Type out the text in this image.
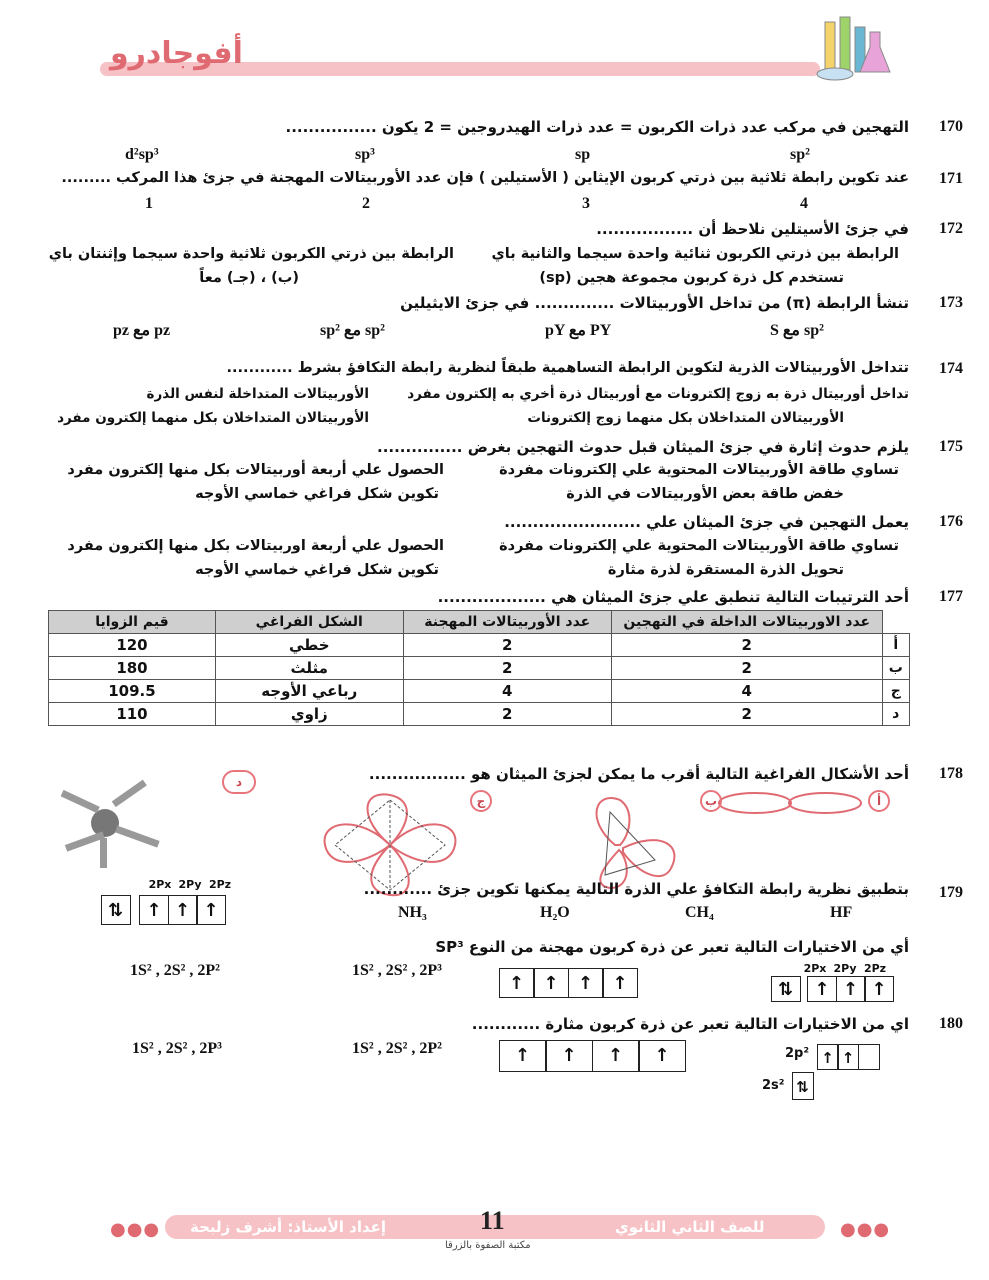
أفوجادرو
170
التهجين في مركب عدد ذرات الكربون = عدد ذرات الهيدروجين = 2 يكون ................
sp²
sp
sp³
d²sp³
171
عند تكوين رابطة ثلاثية بين ذرتي كربون الإيثاين ( الأستيلين ) فإن عدد الأوربيتالات المهجنة في جزئ هذا المركب .........
4
3
2
1
172
في جزئ الأسيتلين نلاحظ أن .................
الرابطة بين ذرتي الكربون ثنائية واحدة سيجما والثانية باي
الرابطة بين ذرتي الكربون ثلاثية واحدة سيجما وإثنتان باي
تستخدم كل ذرة كربون مجموعة هجين (sp)
(ب) ، (جـ) معاً
173
تنشأ الرابطة (π) من تداخل الأوربيتالات .............. في جزئ الايثيلين
S مع sp²
pY مع PY
sp² مع sp²
pz مع pz
174
تتداخل الأوربيتالات الذرية لتكوين الرابطة التساهمية طبقاً لنظرية رابطة التكافؤ بشرط ............
تداخل أوربيتال ذرة به زوج إلكترونات مع أوربيتال ذرة أخري به إلكترون مفرد
الأوربيتالات المتداخلة لنفس الذرة
الأوربيتالان المتداخلان بكل منهما زوج إلكترونات
الأوربيتالان المتداخلان بكل منهما إلكترون مفرد
175
يلزم حدوث إثارة في جزئ الميثان قبل حدوث التهجين بغرض ...............
تساوي طاقة الأوربيتالات المحتوية علي إلكترونات مفردة
الحصول علي أربعة أوربيتالات بكل منها إلكترون مفرد
خفض طاقة بعض الأوربيتالات في الذرة
تكوين شكل فراغي خماسي الأوجه
176
يعمل التهجين في جزئ الميثان علي ........................
تساوي طاقة الأوربيتالات المحتوية علي إلكترونات مفردة
الحصول علي أربعة اوربيتالات بكل منها إلكترون مفرد
تحويل الذرة المستقرة لذرة مثارة
تكوين شكل فراغي خماسي الأوجه
177
أحد الترتيبات التالية تنطبق علي جزئ الميثان هي ...................
	عدد الاوربيتالات الداخلة في التهجين	عدد الأوربيتالات المهجنة	الشكل الفراغي	قيم الزوايا
أ	2	2	خطي	120
ب	2	2	مثلث	180
ج	4	4	رباعي الأوجه	109.5
د	2	2	زاوي	110
178
أحد الأشكال الفراغية التالية أقرب ما يمكن لجزئ الميثان هو .................
أ
ب
ج
د
179
بتطبيق نظرية رابطة التكافؤ علي الذرة التالية يمكنها تكوين جزئ ............
HF
CH₄
H₂O
NH₃
2Px 2Py 2Pz
⇅	↑ ↑ ↑
أي من الاختيارات التالية تعبر عن ذرة كربون مهجنة من النوع SP³
1S² , 2S² , 2P²	1S² , 2S² , 2P³
↑	↑	↑	↑
2Px 2Py 2Pz
⇅	↑ ↑ ↑
180
اي من الاختيارات التالية تعبر عن ذرة كربون مثارة ............
1S² , 2S² , 2P³	1S² , 2S² , 2P²	↑	↑	↑	↑	2p² ↑ ↑
2s² ⇅
●●●	●●●
للصف الثاني الثانوي
إعداد الأستاذ: أشرف زلبحة	11
مكتبة الصفوة بالزرقا
